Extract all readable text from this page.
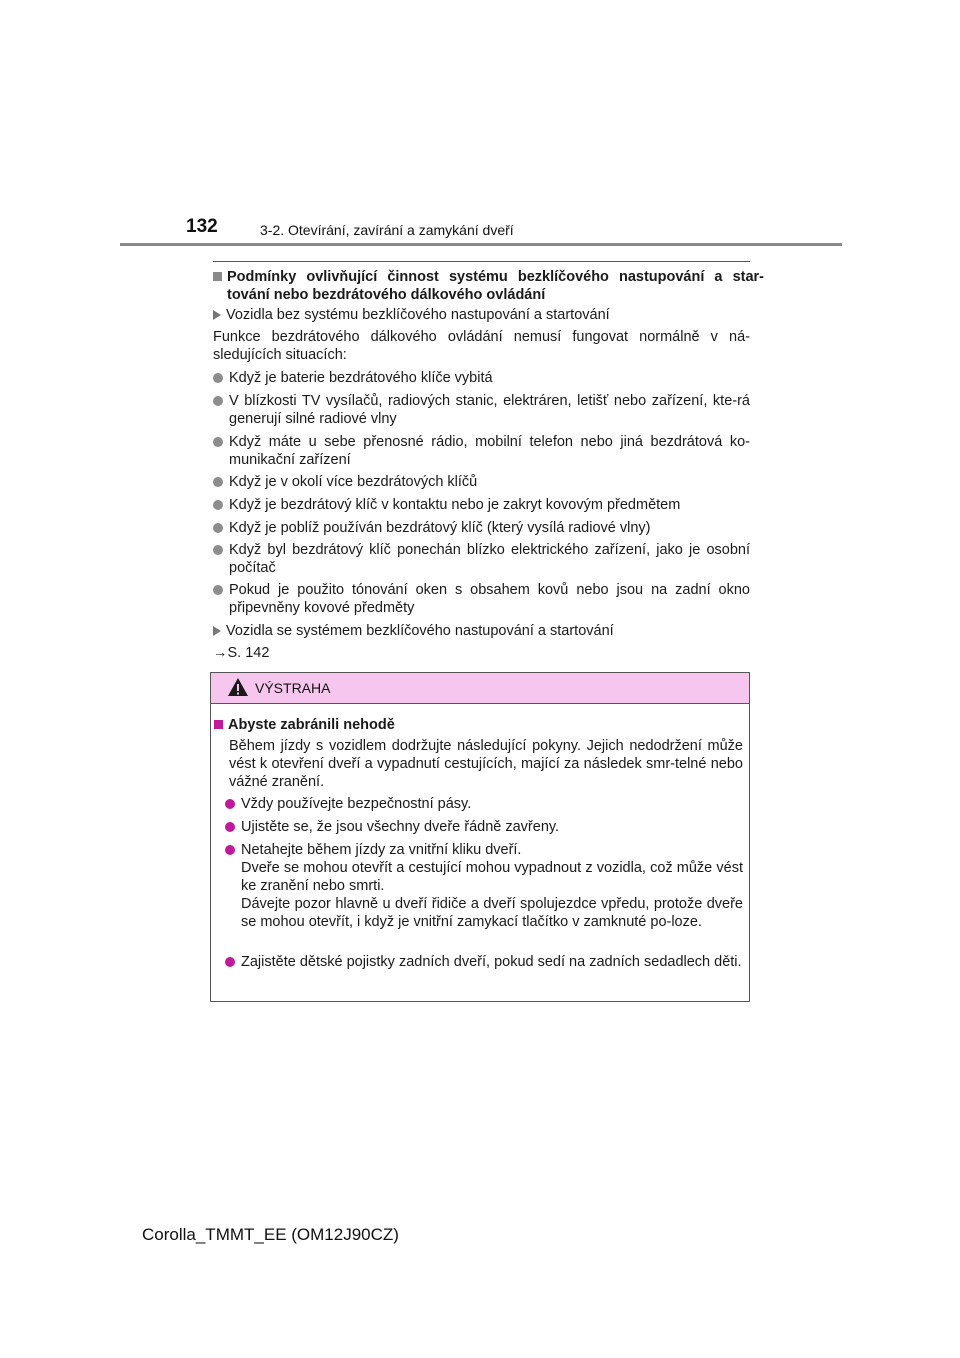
132	3-2. Otevírání, zavírání a zamykání dveří
Podmínky ovlivňující činnost systému bezklíčového nastupování a star-tování nebo bezdrátového dálkového ovládání
Vozidla bez systému bezklíčového nastupování a startování
Funkce bezdrátového dálkového ovládání nemusí fungovat normálně v ná-sledujících situacích:
Když je baterie bezdrátového klíče vybitá
V blízkosti TV vysílačů, radiových stanic, elektráren, letišť nebo zařízení, kte-rá generují silné radiové vlny
Když máte u sebe přenosné rádio, mobilní telefon nebo jiná bezdrátová ko-munikační zařízení
Když je v okolí více bezdrátových klíčů
Když je bezdrátový klíč v kontaktu nebo je zakryt kovovým předmětem
Když je poblíž používán bezdrátový klíč (který vysílá radiové vlny)
Když byl bezdrátový klíč ponechán blízko elektrického zařízení, jako je osobní počítač
Pokud je použito tónování oken s obsahem kovů nebo jsou na zadní okno připevněny kovové předměty
Vozidla se systémem bezklíčového nastupování a startování
→S. 142
VÝSTRAHA
Abyste zabránili nehodě
Během jízdy s vozidlem dodržujte následující pokyny. Jejich nedodržení může vést k otevření dveří a vypadnutí cestujících, mající za následek smr-telné nebo vážné zranění.
Vždy používejte bezpečnostní pásy.
Ujistěte se, že jsou všechny dveře řádně zavřeny.
Netahejte během jízdy za vnitřní kliku dveří.
Dveře se mohou otevřít a cestující mohou vypadnout z vozidla, což může vést ke zranění nebo smrti.
Dávejte pozor hlavně u dveří řidiče a dveří spolujezdce vpředu, protože dveře se mohou otevřít, i když je vnitřní zamykací tlačítko v zamknuté po-loze.
Zajistěte dětské pojistky zadních dveří, pokud sedí na zadních sedadlech děti.
Corolla_TMMT_EE (OM12J90CZ)
